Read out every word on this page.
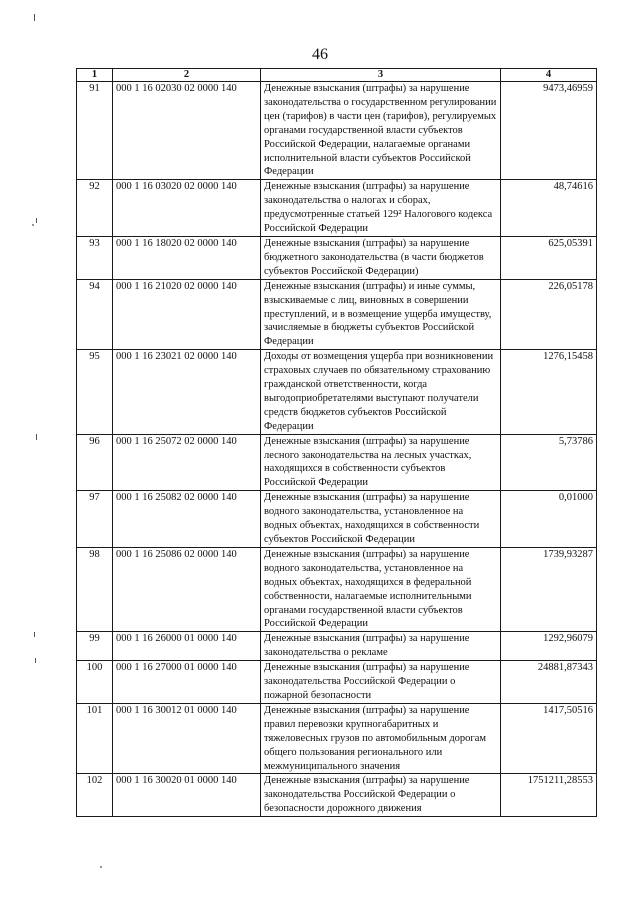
46
1	2	3	4
91	000 1 16 02030 02 0000 140	Денежные взыскания (штрафы) за нарушение законодательства о государственном регулировании цен (тарифов) в части цен (тарифов), регулируемых органами государственной власти субъектов Российской Федерации, налагаемые органами исполнительной власти субъектов Российской Федерации	9473,46959
92	000 1 16 03020 02 0000 140	Денежные взыскания (штрафы) за нарушение законодательства о налогах и сборах, предусмотренные статьей 129² Налогового кодекса Российской Федерации	48,74616
93	000 1 16 18020 02 0000 140	Денежные взыскания (штрафы) за нарушение бюджетного законодательства (в части бюджетов субъектов Российской Федерации)	625,05391
94	000 1 16 21020 02 0000 140	Денежные взыскания (штрафы) и иные суммы, взыскиваемые с лиц, виновных в совершении преступлений, и в возмещение ущерба имуществу, зачисляемые в бюджеты субъектов Российской Федерации	226,05178
95	000 1 16 23021 02 0000 140	Доходы от возмещения ущерба при возникновении страховых случаев по обязательному страхованию гражданской ответственности, когда выгодоприобретателями выступают получатели средств бюджетов субъектов Российской Федерации	1276,15458
96	000 1 16 25072 02 0000 140	Денежные взыскания (штрафы) за нарушение лесного законодательства на лесных участках, находящихся в собственности субъектов Российской Федерации	5,73786
97	000 1 16 25082 02 0000 140	Денежные взыскания (штрафы) за нарушение водного законодательства, установленное на водных объектах, находящихся в собственности субъектов Российской Федерации	0,01000
98	000 1 16 25086 02 0000 140	Денежные взыскания (штрафы) за нарушение водного законодательства, установленное на водных объектах, находящихся в федеральной собственности, налагаемые исполнительными органами государственной власти субъектов Российской Федерации	1739,93287
99	000 1 16 26000 01 0000 140	Денежные взыскания (штрафы) за нарушение законодательства о рекламе	1292,96079
100	000 1 16 27000 01 0000 140	Денежные взыскания (штрафы) за нарушение законодательства Российской Федерации о пожарной безопасности	24881,87343
101	000 1 16 30012 01 0000 140	Денежные взыскания (штрафы) за нарушение правил перевозки крупногабаритных и тяжеловесных грузов по автомобильным дорогам общего пользования регионального или межмуниципального значения	1417,50516
102	000 1 16 30020 01 0000 140	Денежные взыскания (штрафы) за нарушение законодательства Российской Федерации о безопасности дорожного движения	1751211,28553
